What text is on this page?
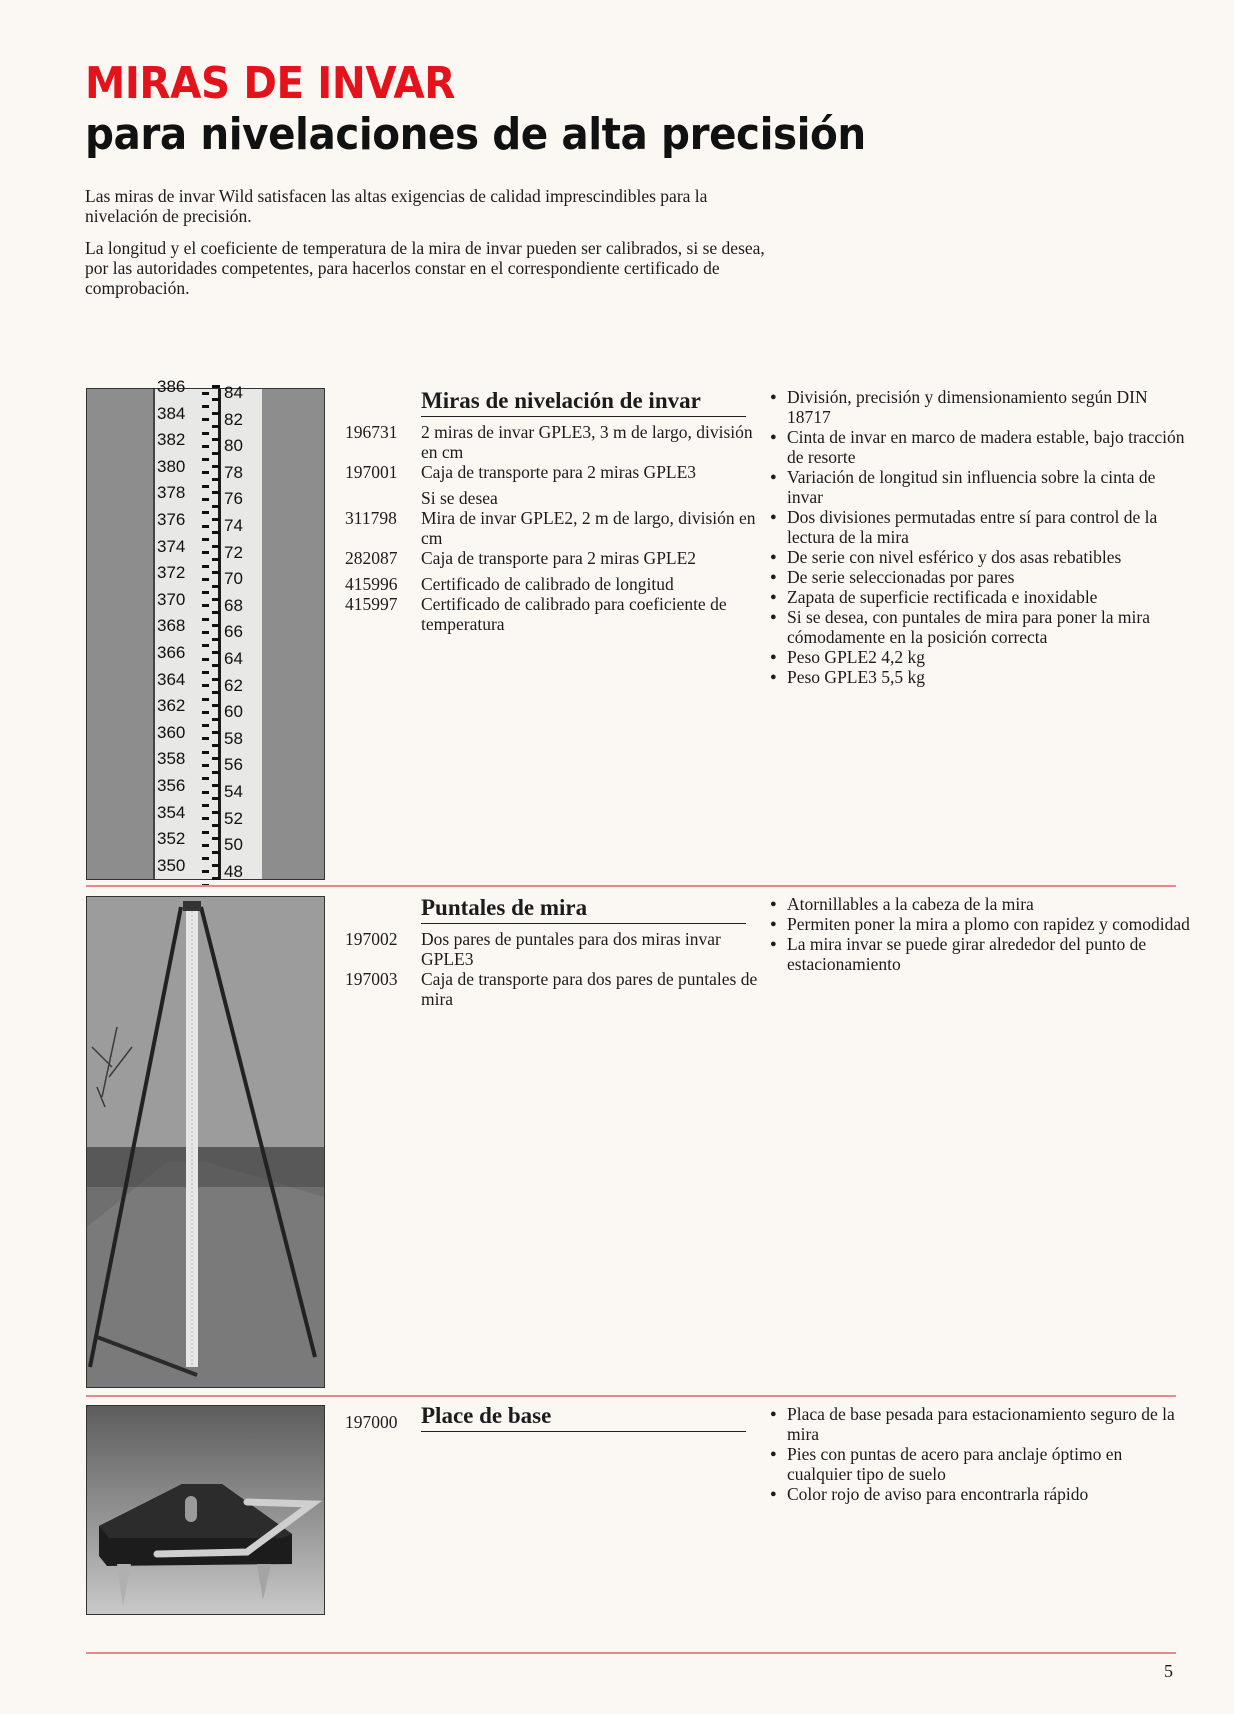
MIRAS DE INVAR
para nivelaciones de alta precisión

Las miras de invar Wild satisfacen las altas exigencias de calidad imprescindibles para la nivelación de precisión.

La longitud y el coeficiente de temperatura de la mira de invar pueden ser calibrados, si se desea, por las autoridades competentes, para hacerlos constar en el correspondiente certificado de comprobación.

386 84
384 82
382 80
380 78
378 76
376 74
374 72
372 70
370 68
368 66
366 64
364 62
362 60
360 58
358 56
356 54
354 52
352 50
350 48
Miras de nivelación de invar
196731	2 miras de invar GPLE3, 3 m de largo, división en cm
197001	Caja de transporte para 2 miras GPLE3
Si se desea
311798	Mira de invar GPLE2, 2 m de largo, división en cm
282087	Caja de transporte para 2 miras GPLE2
415996	Certificado de calibrado de longitud
415997	Certificado de calibrado para coeficiente de temperatura
● División, precisión y dimensionamiento según DIN 18717
● Cinta de invar en marco de madera estable, bajo tracción de resorte
● Variación de longitud sin influencia sobre la cinta de invar
● Dos divisiones permutadas entre sí para control de la lectura de la mira
● De serie con nivel esférico y dos asas rebatibles
● De serie seleccionadas por pares
● Zapata de superficie rectificada e inoxidable
● Si se desea, con puntales de mira para poner la mira cómodamente en la posición correcta
● Peso GPLE2 4,2 kg
● Peso GPLE3 5,5 kg
Puntales de mira
197002	Dos pares de puntales para dos miras invar GPLE3
197003	Caja de transporte para dos pares de puntales de mira
● Atornillables a la cabeza de la mira
● Permiten poner la mira a plomo con rapidez y comodidad
● La mira invar se puede girar alrededor del punto de estacionamiento
197000	Place de base	● Placa de base pesada para estacionamiento seguro de la mira
● Pies con puntas de acero para anclaje óptimo en cualquier tipo de suelo
● Color rojo de aviso para encontrarla rápido
5
